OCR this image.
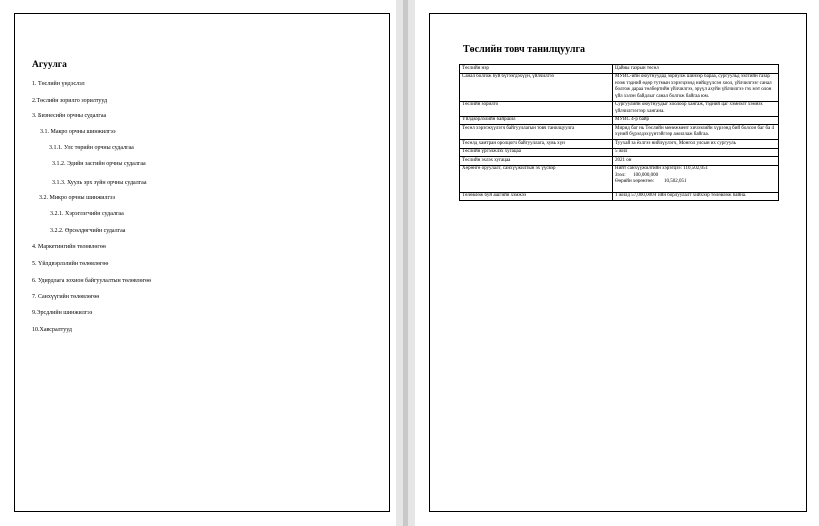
Агуулга
1. Төслийн үндэслэл
2.Төслийн зорилго зорилтууд
3. Бизнесийн орчны судалгаа
3.1. Макро орчны шинжилгээ
3.1.1. Улс төрийн орчны судалгаа
3.1.2. Эдийн засгийн орчны судалгаа
3.1.3. Хууль эрх зүйн орчны судалгаа
3.2. Микро орчны шинжилгээ
3.2.1. Хэрэглэгчийн судалгаа
3.2.2. Өрсөлдөгчийн судалгаа
4. Маркетингийн төлөвлөгөө
5. Үйлдвэрлэлийн төлөвлөгөө
6. Удирдлага зохион байгуулалтын төлөвлөгөө
7. Санхүүгийн төлөвлөгөө
9.Эрсдлийн шинжилгээ
10.Хавсралтууд
Төслийн товч танилцуулга
Төслийн нэр	Цайны газрын төсөл
Санал болгож буй бүтээгдэхүүн, үйлчилгээ	МУИС-ийн оюутнуудад зориулж шинээр бараа, сургуульд ээлтийн газар нээж тэдний өдөр тутмын хэрэгцээнд нийцүүлсэн хоол, үйлчилгээг санал болгож дараа төлбөртийн үйлчилгээ, эрүүл ахуйн үйлчилгээ гэх мэт олон үйл хэлэн байдлыг санал болгож байгаа юм.
Төслийн зорилго	Сургуулийн оюутнуудыг хоолоор хангаж, тэдний цаг хэмнэлт хэмнэх үйлчилгээгээр хангана.
Үйлдвэрлэлийн байршил	МУИС 4-р байр
Төсөл хэрэгжүүлэгч байгууллагын товч танилцуулга	Мирид баг нь Төслийн менежмент хичээлийн хүрээнд бий болсон баг ба 4 хүний бүрэлдэхүүнтэйгээр ажиллаж байгаа.
Төсөлд хамтран оролцогч байгууллага, хувь хүн	Туухай за ёхлгээ нийлүүлэгч, Монгол улсын их сургууль
Төслийн үргэлжлэх хугацаа	5 жил
Төслийн эхлэх хугацаа	2021 он
Хөрөнгө оруулалт, санхүүжилтын эх үүсвэр	Нийт санхүүжилтийн хэрэгцээ: 110,502,051
Зээл:      100,000,000
Өөрийн хөрөнгөө:        10,502,051

Төлөвлөж буй ашгийн хэмжээ	1 жилд 57,000,000₮ ийн борлуулалт хийхээр төлөвлөж байна.
